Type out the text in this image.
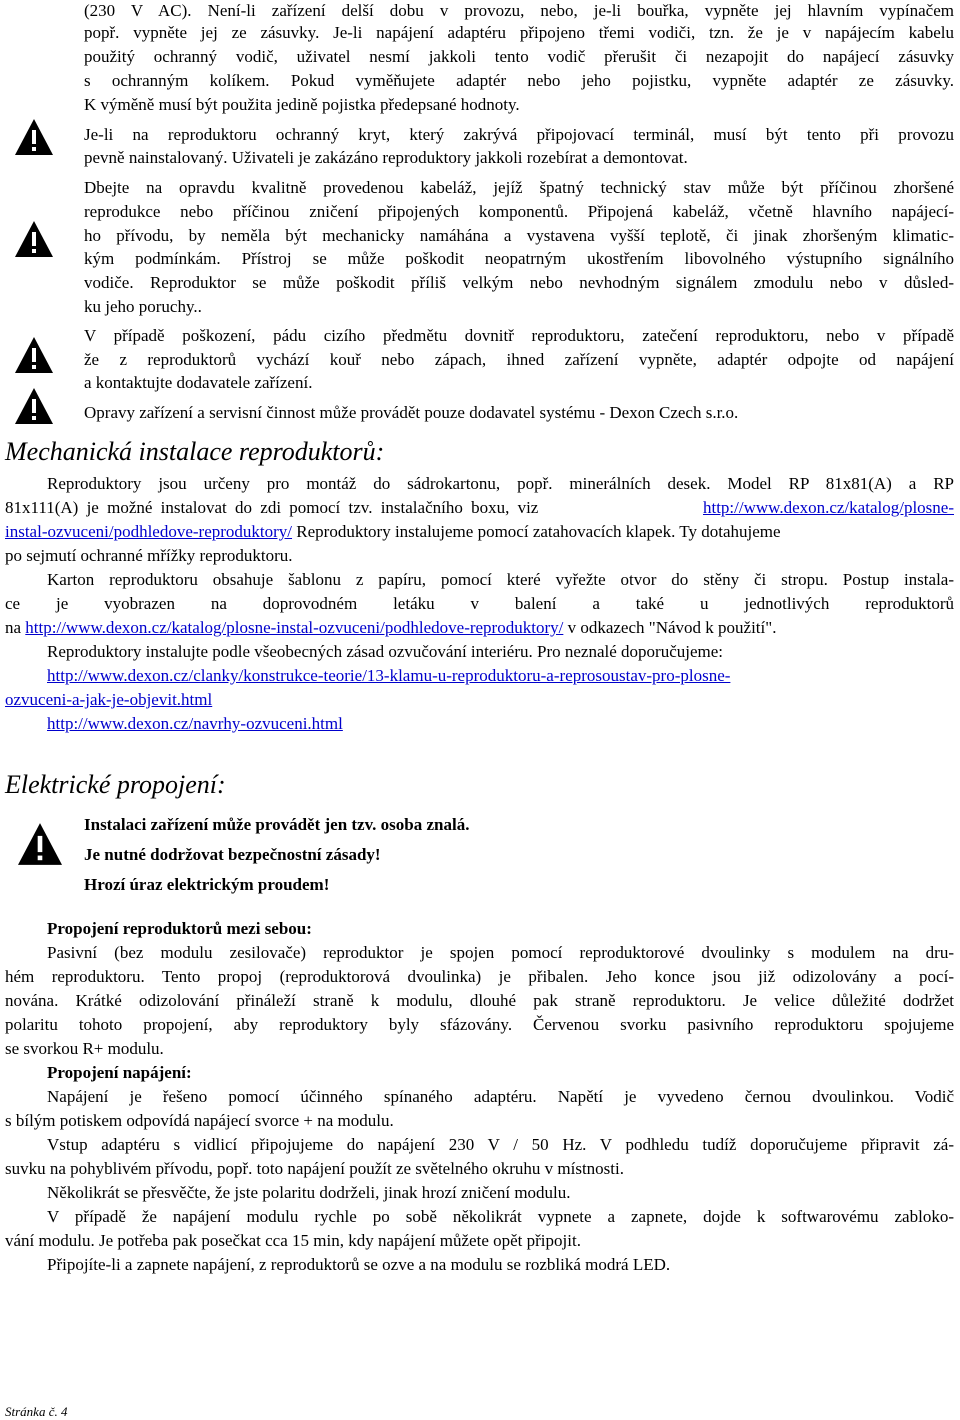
(230 V AC). Není-li zařízení delší dobu v provozu, nebo, je-li bouřka, vypněte jej hlavním vypínačem
popř. vypněte jej ze zásuvky. Je-li napájení adaptéru připojeno třemi vodiči, tzn. že je v napájecím kabelu
použitý ochranný vodič, uživatel nesmí jakkoli tento vodič přerušit či nezapojit do napájecí zásuvky
s ochranným kolíkem. Pokud vyměňujete adaptér nebo jeho pojistku, vypněte adaptér ze zásuvky.
K výměně musí být použita jedině pojistka předepsané hodnoty.
Je-li na reproduktoru ochranný kryt, který zakrývá připojovací terminál, musí být tento při provozu
pevně nainstalovaný. Uživateli je zakázáno reproduktory jakkoli rozebírat a demontovat.
Dbejte na opravdu kvalitně provedenou kabeláž, jejíž špatný technický stav může být příčinou zhoršené
reprodukce nebo příčinou zničení připojených komponentů. Připojená kabeláž, včetně hlavního napájecí-
ho přívodu, by neměla být mechanicky namáhána a vystavena vyšší teplotě, či jinak zhoršeným klimatic-
kým podmínkám. Přístroj se může poškodit neopatrným ukostřením libovolného výstupního signálního
vodiče. Reproduktor se může poškodit příliš velkým nebo nevhodným signálem zmodulu nebo v důsled-
ku jeho poruchy..
V případě poškození, pádu cizího předmětu dovnitř reproduktoru, zatečení reproduktoru, nebo v případě
že z reproduktorů vychází kouř nebo zápach, ihned zařízení vypněte, adaptér odpojte od napájení
a kontaktujte dodavatele zařízení.
Opravy zařízení a servisní činnost může provádět pouze dodavatel systému - Dexon Czech s.r.o.
Mechanická instalace reproduktorů:
Reproduktory jsou určeny pro montáž do sádrokartonu, popř. minerálních desek. Model RP 81x81(A) a RP
81x111(A) je možné instalovat do zdi pomocí tzv. instalačního boxu, viz	http://www.dexon.cz/katalog/plosne-
instal-ozvuceni/podhledove-reproduktory/ Reproduktory instalujeme pomocí zatahovacích klapek. Ty dotahujeme
po sejmutí ochranné mřížky reproduktoru.
Karton reproduktoru obsahuje šablonu z papíru, pomocí které vyřežte otvor do stěny či stropu. Postup instala-
ce je vyobrazen na doprovodném letáku v balení a také u jednotlivých reproduktorů
na http://www.dexon.cz/katalog/plosne-instal-ozvuceni/podhledove-reproduktory/ v odkazech "Návod k použití".
Reproduktory instalujte podle všeobecných zásad ozvučování interiéru. Pro neznalé doporučujeme:
http://www.dexon.cz/clanky/konstrukce-teorie/13-klamu-u-reproduktoru-a-reprosoustav-pro-plosne-
ozvuceni-a-jak-je-objevit.html
http://www.dexon.cz/navrhy-ozvuceni.html
Elektrické propojení:
Instalaci zařízení může provádět jen tzv. osoba znalá.
Je nutné dodržovat bezpečnostní zásady!
Hrozí úraz elektrickým proudem!
Propojení reproduktorů mezi sebou:
Pasivní (bez modulu zesilovače) reproduktor je spojen pomocí reproduktorové dvoulinky s modulem na dru-
hém reproduktoru. Tento propoj (reproduktorová dvoulinka) je přibalen. Jeho konce jsou již odizolovány a pocí-
nována. Krátké odizolování přináleží straně k modulu, dlouhé pak straně reproduktoru. Je velice důležité dodržet
polaritu tohoto propojení, aby reproduktory byly sfázovány. Červenou svorku pasivního reproduktoru spojujeme
se svorkou R+ modulu.
Propojení napájení:
Napájení je řešeno pomocí účinného spínaného adaptéru. Napětí je vyvedeno černou dvoulinkou. Vodič
s bílým potiskem odpovídá napájecí svorce + na modulu.
Vstup adaptéru s vidlicí připojujeme do napájení 230 V / 50 Hz. V podhledu tudíž doporučujeme připravit zá-
suvku na pohyblivém přívodu, popř. toto napájení použít ze světelného okruhu v místnosti.
Několikrát se přesvěčte, že jste polaritu dodrželi, jinak hrozí zničení modulu.
V případě že napájení modulu rychle po sobě několikrát vypnete a zapnete, dojde k softwarovému zabloko-
vání modulu. Je potřeba pak posečkat cca 15 min, kdy napájení můžete opět připojit.
Připojíte-li a zapnete napájení, z reproduktorů se ozve a na modulu se rozbliká modrá LED.
Stránka č. 4
